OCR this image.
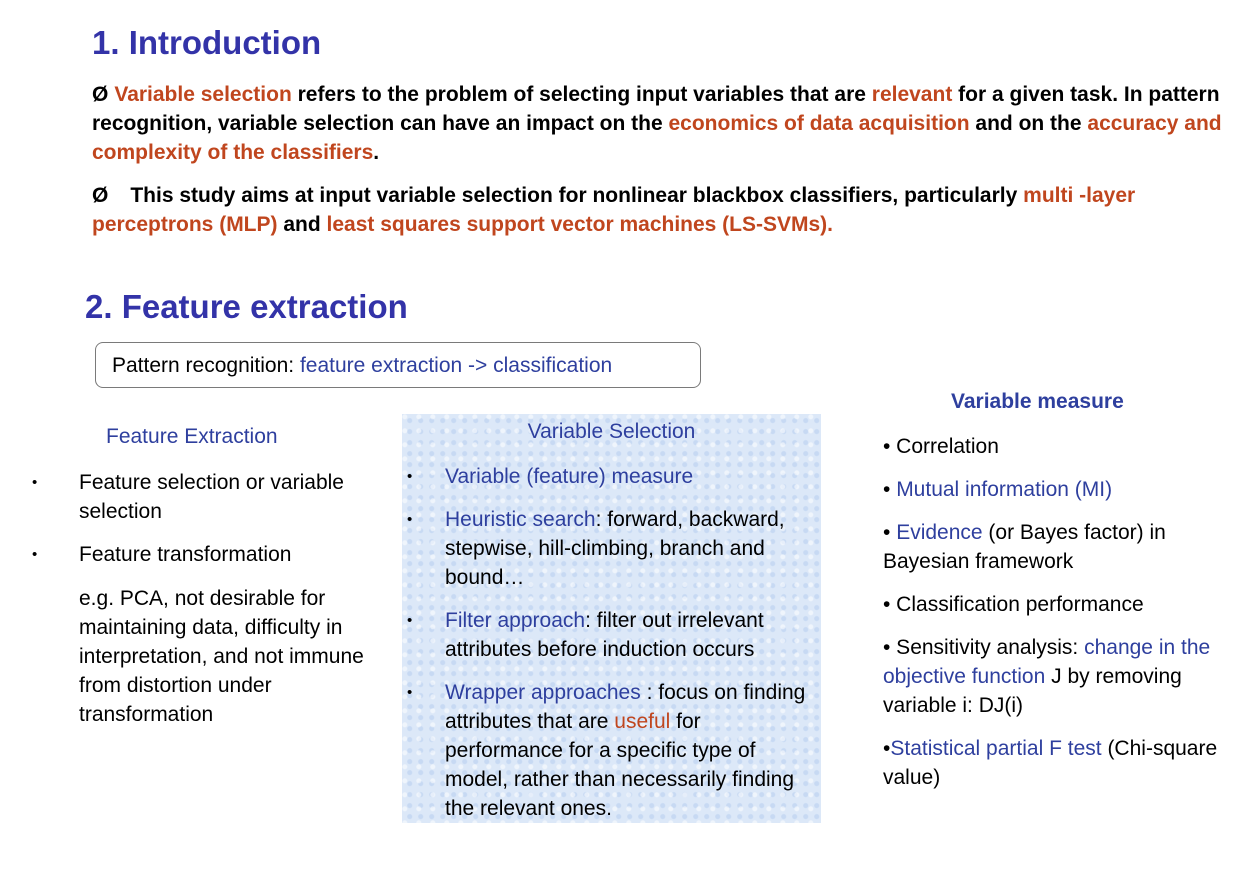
1. Introduction
Ø Variable selection refers to the problem of selecting input variables that are relevant for a given task. In pattern recognition, variable selection can have an impact on the economics of data acquisition and on the accuracy and complexity of the classifiers.
Ø This study aims at input variable selection for nonlinear blackbox classifiers, particularly multi -layer perceptrons (MLP) and least squares support vector machines (LS-SVMs).
2. Feature extraction
Pattern recognition: feature extraction -> classification
Feature Extraction
• Feature selection or variable selection
• Feature transformation
e.g. PCA, not desirable for maintaining data, difficulty in interpretation, and not immune from distortion under transformation
Variable Selection
• Variable (feature) measure
• Heuristic search: forward, backward, stepwise, hill-climbing, branch and bound…
• Filter approach: filter out irrelevant attributes before induction occurs
• Wrapper approaches : focus on finding attributes that are useful for performance for a specific type of model, rather than necessarily finding the relevant ones.
Variable measure
• Correlation
• Mutual information (MI)
• Evidence (or Bayes factor) in Bayesian framework
• Classification performance
• Sensitivity analysis: change in the objective function J by removing variable i: DJ(i)
•Statistical partial F test (Chi-square value)
